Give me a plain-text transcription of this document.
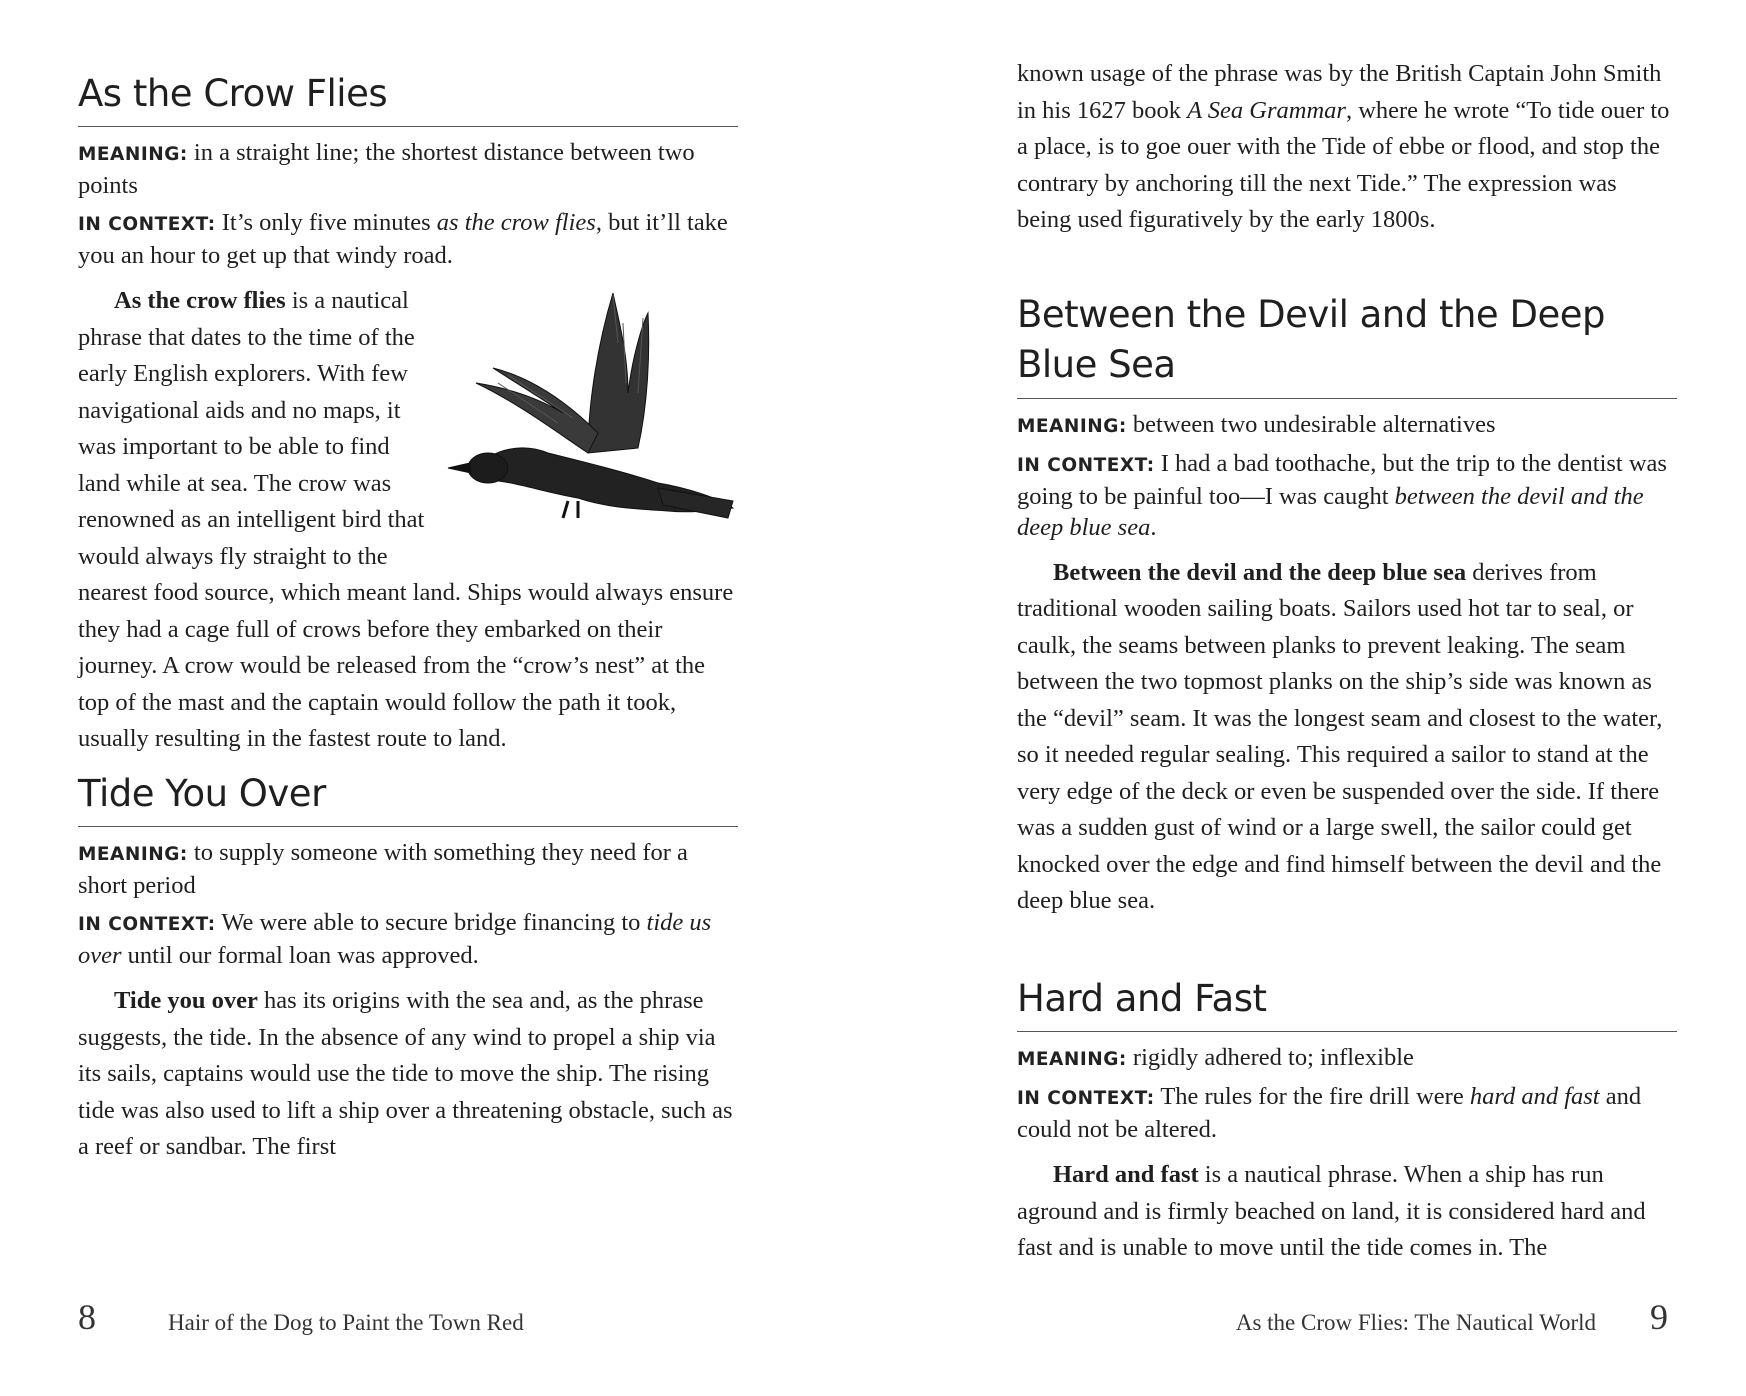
As the Crow Flies

MEANING: in a straight line; the shortest distance between two points

IN CONTEXT: It’s only five minutes as the crow flies, but it’ll take you an hour to get up that windy road.

As the crow flies is a nautical phrase that dates to the time of the early English explorers. With few navigational aids and no maps, it was important to be able to find land while at sea. The crow was renowned as an intelligent bird that would always fly straight to the nearest food source, which meant land. Ships would always ensure they had a cage full of crows before they embarked on their journey. A crow would be released from the “crow’s nest” at the top of the mast and the captain would follow the path it took, usually resulting in the fastest route to land.
Tide You Over

MEANING: to supply someone with something they need for a short period

IN CONTEXT: We were able to secure bridge financing to tide us over until our formal loan was approved.

Tide you over has its origins with the sea and, as the phrase suggests, the tide. In the absence of any wind to propel a ship via its sails, captains would use the tide to move the ship. The rising tide was also used to lift a ship over a threatening obstacle, such as a reef or sandbar. The first

8	Hair of the Dog to Paint the Town Red

known usage of the phrase was by the British Captain John Smith in his 1627 book A Sea Grammar, where he wrote “To tide ouer to a place, is to goe ouer with the Tide of ebbe or flood, and stop the contrary by anchoring till the next Tide.” The expression was being used figuratively by the early 1800s.

Between the Devil and the Deep Blue Sea

MEANING: between two undesirable alternatives

IN CONTEXT: I had a bad toothache, but the trip to the dentist was going to be painful too—I was caught between the devil and the deep blue sea.

Between the devil and the deep blue sea derives from traditional wooden sailing boats. Sailors used hot tar to seal, or caulk, the seams between planks to prevent leaking. The seam between the two topmost planks on the ship’s side was known as the “devil” seam. It was the longest seam and closest to the water, so it needed regular sealing. This required a sailor to stand at the very edge of the deck or even be suspended over the side. If there was a sudden gust of wind or a large swell, the sailor could get knocked over the edge and find himself between the devil and the deep blue sea.

Hard and Fast

MEANING: rigidly adhered to; inflexible

IN CONTEXT: The rules for the fire drill were hard and fast and could not be altered.

Hard and fast is a nautical phrase. When a ship has run aground and is firmly beached on land, it is considered hard and fast and is unable to move until the tide comes in. The

As the Crow Flies: The Nautical World 9
